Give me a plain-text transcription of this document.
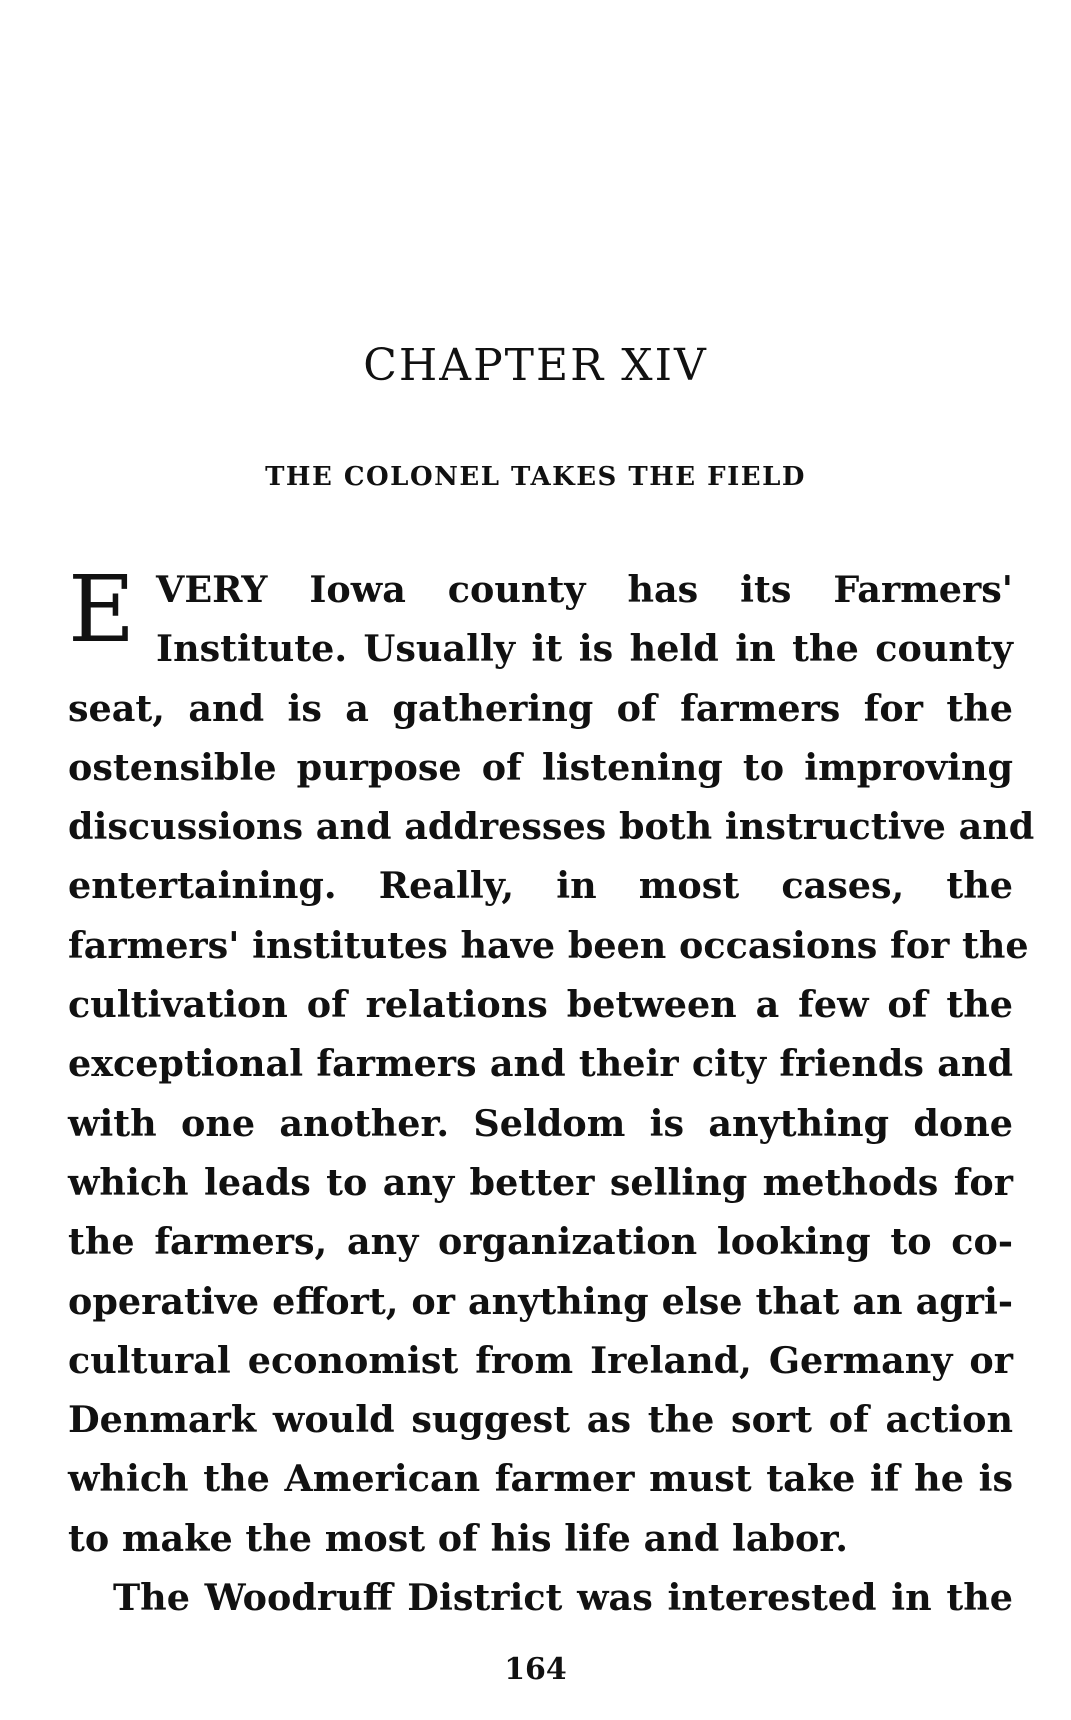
CHAPTER XIV
THE COLONEL TAKES THE FIELD
E VERY Iowa county has its Farmers'
Institute. Usually it is held in the county
seat, and is a gathering of farmers for the
ostensible purpose of listening to improving
discussions and addresses both instructive and
entertaining. Really, in most cases, the
farmers' institutes have been occasions for the
cultivation of relations between a few of the
exceptional farmers and their city friends and
with one another. Seldom is anything done
which leads to any better selling methods for
the farmers, any organization looking to co-
operative effort, or anything else that an agri-
cultural economist from Ireland, Germany or
Denmark would suggest as the sort of action
which the American farmer must take if he is
to make the most of his life and labor.
The Woodruff District was interested in the
164
